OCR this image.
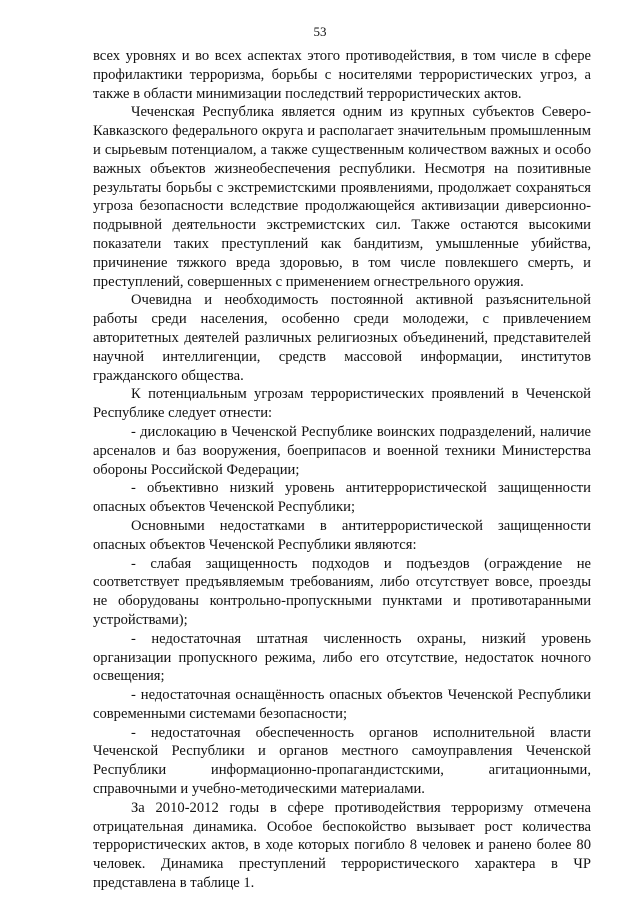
53

всех уровнях и во всех аспектах этого противодействия, в том числе в сфере профилактики терроризма, борьбы с носителями террористических угроз, а также в области минимизации последствий террористических актов.

Чеченская Республика является одним из крупных субъектов Северо-Кавказского федерального округа и располагает значительным промышленным и сырьевым потенциалом, а также существенным количеством важных и особо важных объектов жизнеобеспечения республики. Несмотря на позитивные результаты борьбы с экстремистскими проявлениями, продолжает сохраняться угроза безопасности вследствие продолжающейся активизации диверсионно-подрывной деятельности экстремистских сил. Также остаются высокими показатели таких преступлений как бандитизм, умышленные убийства, причинение тяжкого вреда здоровью, в том числе повлекшего смерть, и преступлений, совершенных с применением огнестрельного оружия.

Очевидна и необходимость постоянной активной разъяснительной работы среди населения, особенно среди молодежи, с привлечением авторитетных деятелей различных религиозных объединений, представителей научной интеллигенции, средств массовой информации, институтов гражданского общества.

К потенциальным угрозам террористических проявлений в Чеченской Республике следует отнести:

- дислокацию в Чеченской Республике воинских подразделений, наличие арсеналов и баз вооружения, боеприпасов и военной техники Министерства обороны Российской Федерации;

- объективно низкий уровень антитеррористической защищенности опасных объектов Чеченской Республики;

Основными недостатками в антитеррористической защищенности опасных объектов Чеченской Республики являются:

- слабая защищенность подходов и подъездов (ограждение не соответствует предъявляемым требованиям, либо отсутствует вовсе, проезды не оборудованы контрольно-пропускными пунктами и противотаранными устройствами);

- недостаточная штатная численность охраны, низкий уровень организации пропускного режима, либо его отсутствие, недостаток ночного освещения;

- недостаточная оснащённость опасных объектов Чеченской Республики современными системами безопасности;

- недостаточная обеспеченность органов исполнительной власти Чеченской Республики и органов местного самоуправления Чеченской Республики информационно-пропагандистскими, агитационными, справочными и учебно-методическими материалами.

За 2010-2012 годы в сфере противодействия терроризму отмечена отрицательная динамика. Особое беспокойство вызывает рост количества террористических актов, в ходе которых погибло 8 человек и ранено более 80 человек. Динамика преступлений террористического характера в ЧР представлена в таблице 1.
